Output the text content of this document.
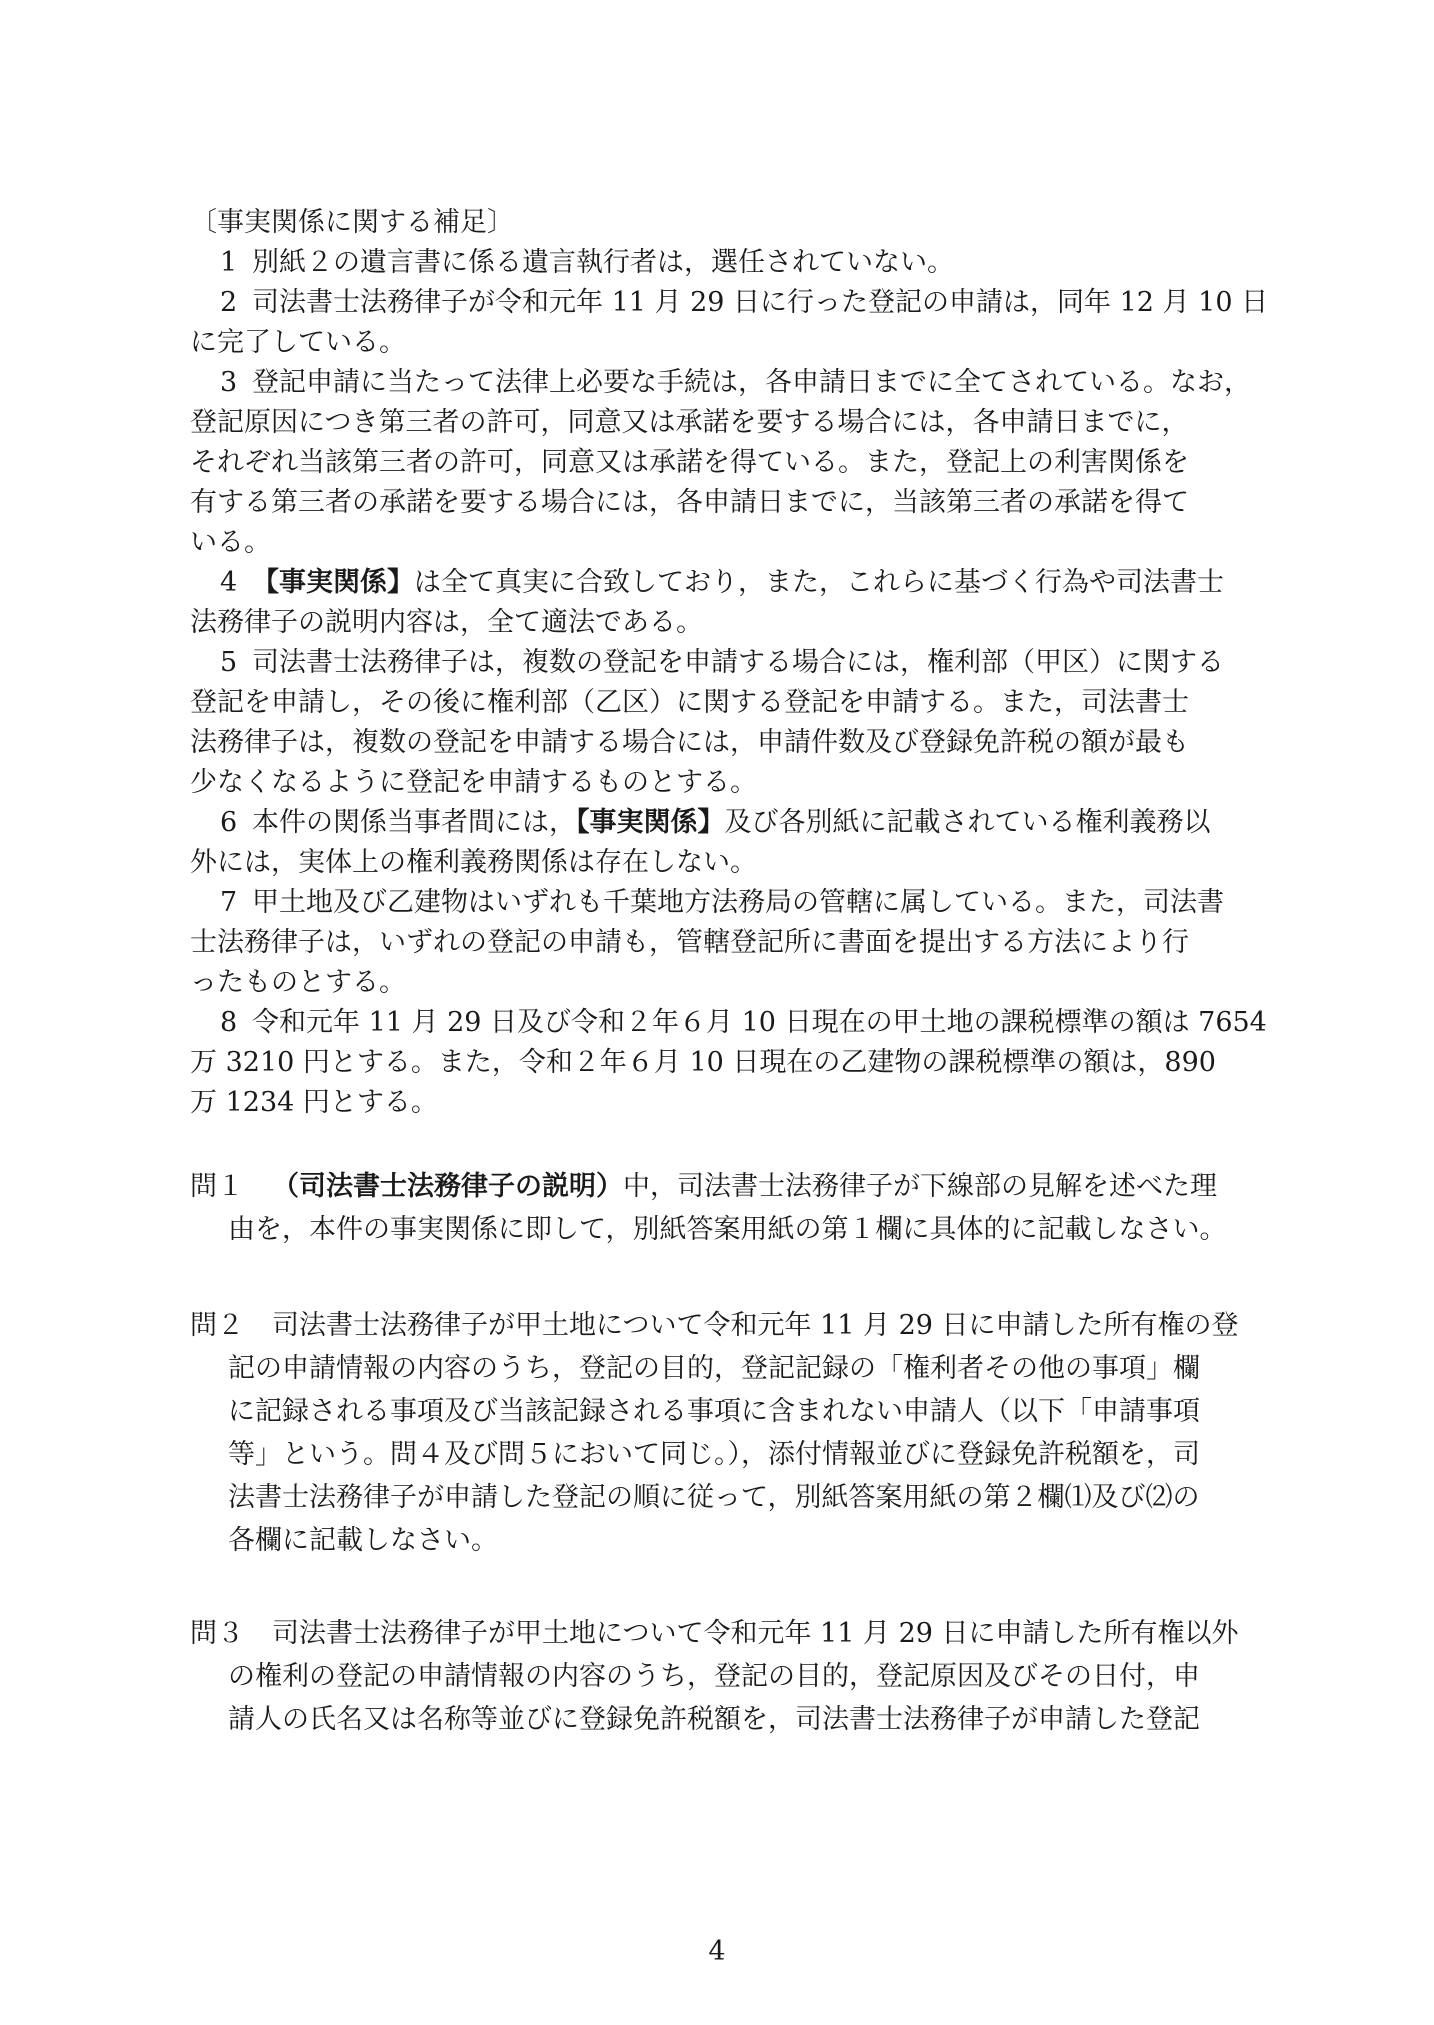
〔事実関係に関する補足〕
1 別紙２の遺言書に係る遺言執行者は，選任されていない。
2 司法書士法務律子が令和元年 11 月 29 日に行った登記の申請は，同年 12 月 10 日
に完了している。
3 登記申請に当たって法律上必要な手続は，各申請日までに全てされている。なお，
登記原因につき第三者の許可，同意又は承諾を要する場合には，各申請日までに，
それぞれ当該第三者の許可，同意又は承諾を得ている。また，登記上の利害関係を
有する第三者の承諾を要する場合には，各申請日までに，当該第三者の承諾を得て
いる。
4 【事実関係】は全て真実に合致しており，また，これらに基づく行為や司法書士
法務律子の説明内容は，全て適法である。
5 司法書士法務律子は，複数の登記を申請する場合には，権利部（甲区）に関する
登記を申請し，その後に権利部（乙区）に関する登記を申請する。また，司法書士
法務律子は，複数の登記を申請する場合には，申請件数及び登録免許税の額が最も
少なくなるように登記を申請するものとする。
6 本件の関係当事者間には，【事実関係】及び各別紙に記載されている権利義務以
外には，実体上の権利義務関係は存在しない。
7 甲土地及び乙建物はいずれも千葉地方法務局の管轄に属している。また，司法書
士法務律子は，いずれの登記の申請も，管轄登記所に書面を提出する方法により行
ったものとする。
8 令和元年 11 月 29 日及び令和２年６月 10 日現在の甲土地の課税標準の額は 7654
万 3210 円とする。また，令和２年６月 10 日現在の乙建物の課税標準の額は，890
万 1234 円とする。
問１	（司法書士法務律子の説明）中，司法書士法務律子が下線部の見解を述べた理
由を，本件の事実関係に即して，別紙答案用紙の第１欄に具体的に記載しなさい。
問２	司法書士法務律子が甲土地について令和元年 11 月 29 日に申請した所有権の登
記の申請情報の内容のうち，登記の目的，登記記録の「権利者その他の事項」欄
に記録される事項及び当該記録される事項に含まれない申請人（以下「申請事項
等」という。問４及び問５において同じ。），添付情報並びに登録免許税額を，司
法書士法務律子が申請した登記の順に従って，別紙答案用紙の第２欄⑴及び⑵の
各欄に記載しなさい。
問３	司法書士法務律子が甲土地について令和元年 11 月 29 日に申請した所有権以外
の権利の登記の申請情報の内容のうち，登記の目的，登記原因及びその日付，申
請人の氏名又は名称等並びに登録免許税額を，司法書士法務律子が申請した登記
4
